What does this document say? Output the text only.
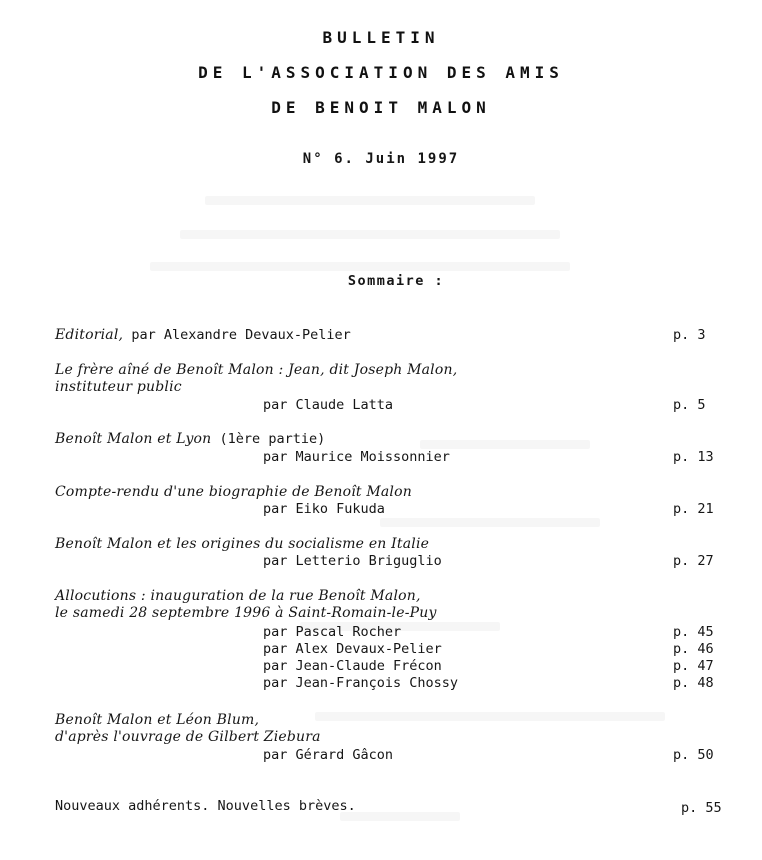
BULLETIN
DE L'ASSOCIATION DES AMIS
DE BENOIT MALON
N° 6. Juin 1997
Sommaire :
Editorial, par Alexandre Devaux-Pelier	p. 3
Le frère aîné de Benoît Malon : Jean, dit Joseph Malon,
instituteur public
par Claude Latta	p. 5
Benoît Malon et Lyon (1ère partie)
par Maurice Moissonnier	p. 13
Compte-rendu d'une biographie de Benoît Malon
par Eiko Fukuda	p. 21
Benoît Malon et les origines du socialisme en Italie
par Letterio Briguglio	p. 27
Allocutions : inauguration de la rue Benoît Malon,
le samedi 28 septembre 1996 à Saint-Romain-le-Puy
par Pascal Rocher	p. 45
par Alex Devaux-Pelier	p. 46
par Jean-Claude Frécon	p. 47
par Jean-François Chossy	p. 48
Benoît Malon et Léon Blum,
d'après l'ouvrage de Gilbert Ziebura
par Gérard Gâcon	p. 50
Nouveaux adhérents. Nouvelles brèves.	p. 55
